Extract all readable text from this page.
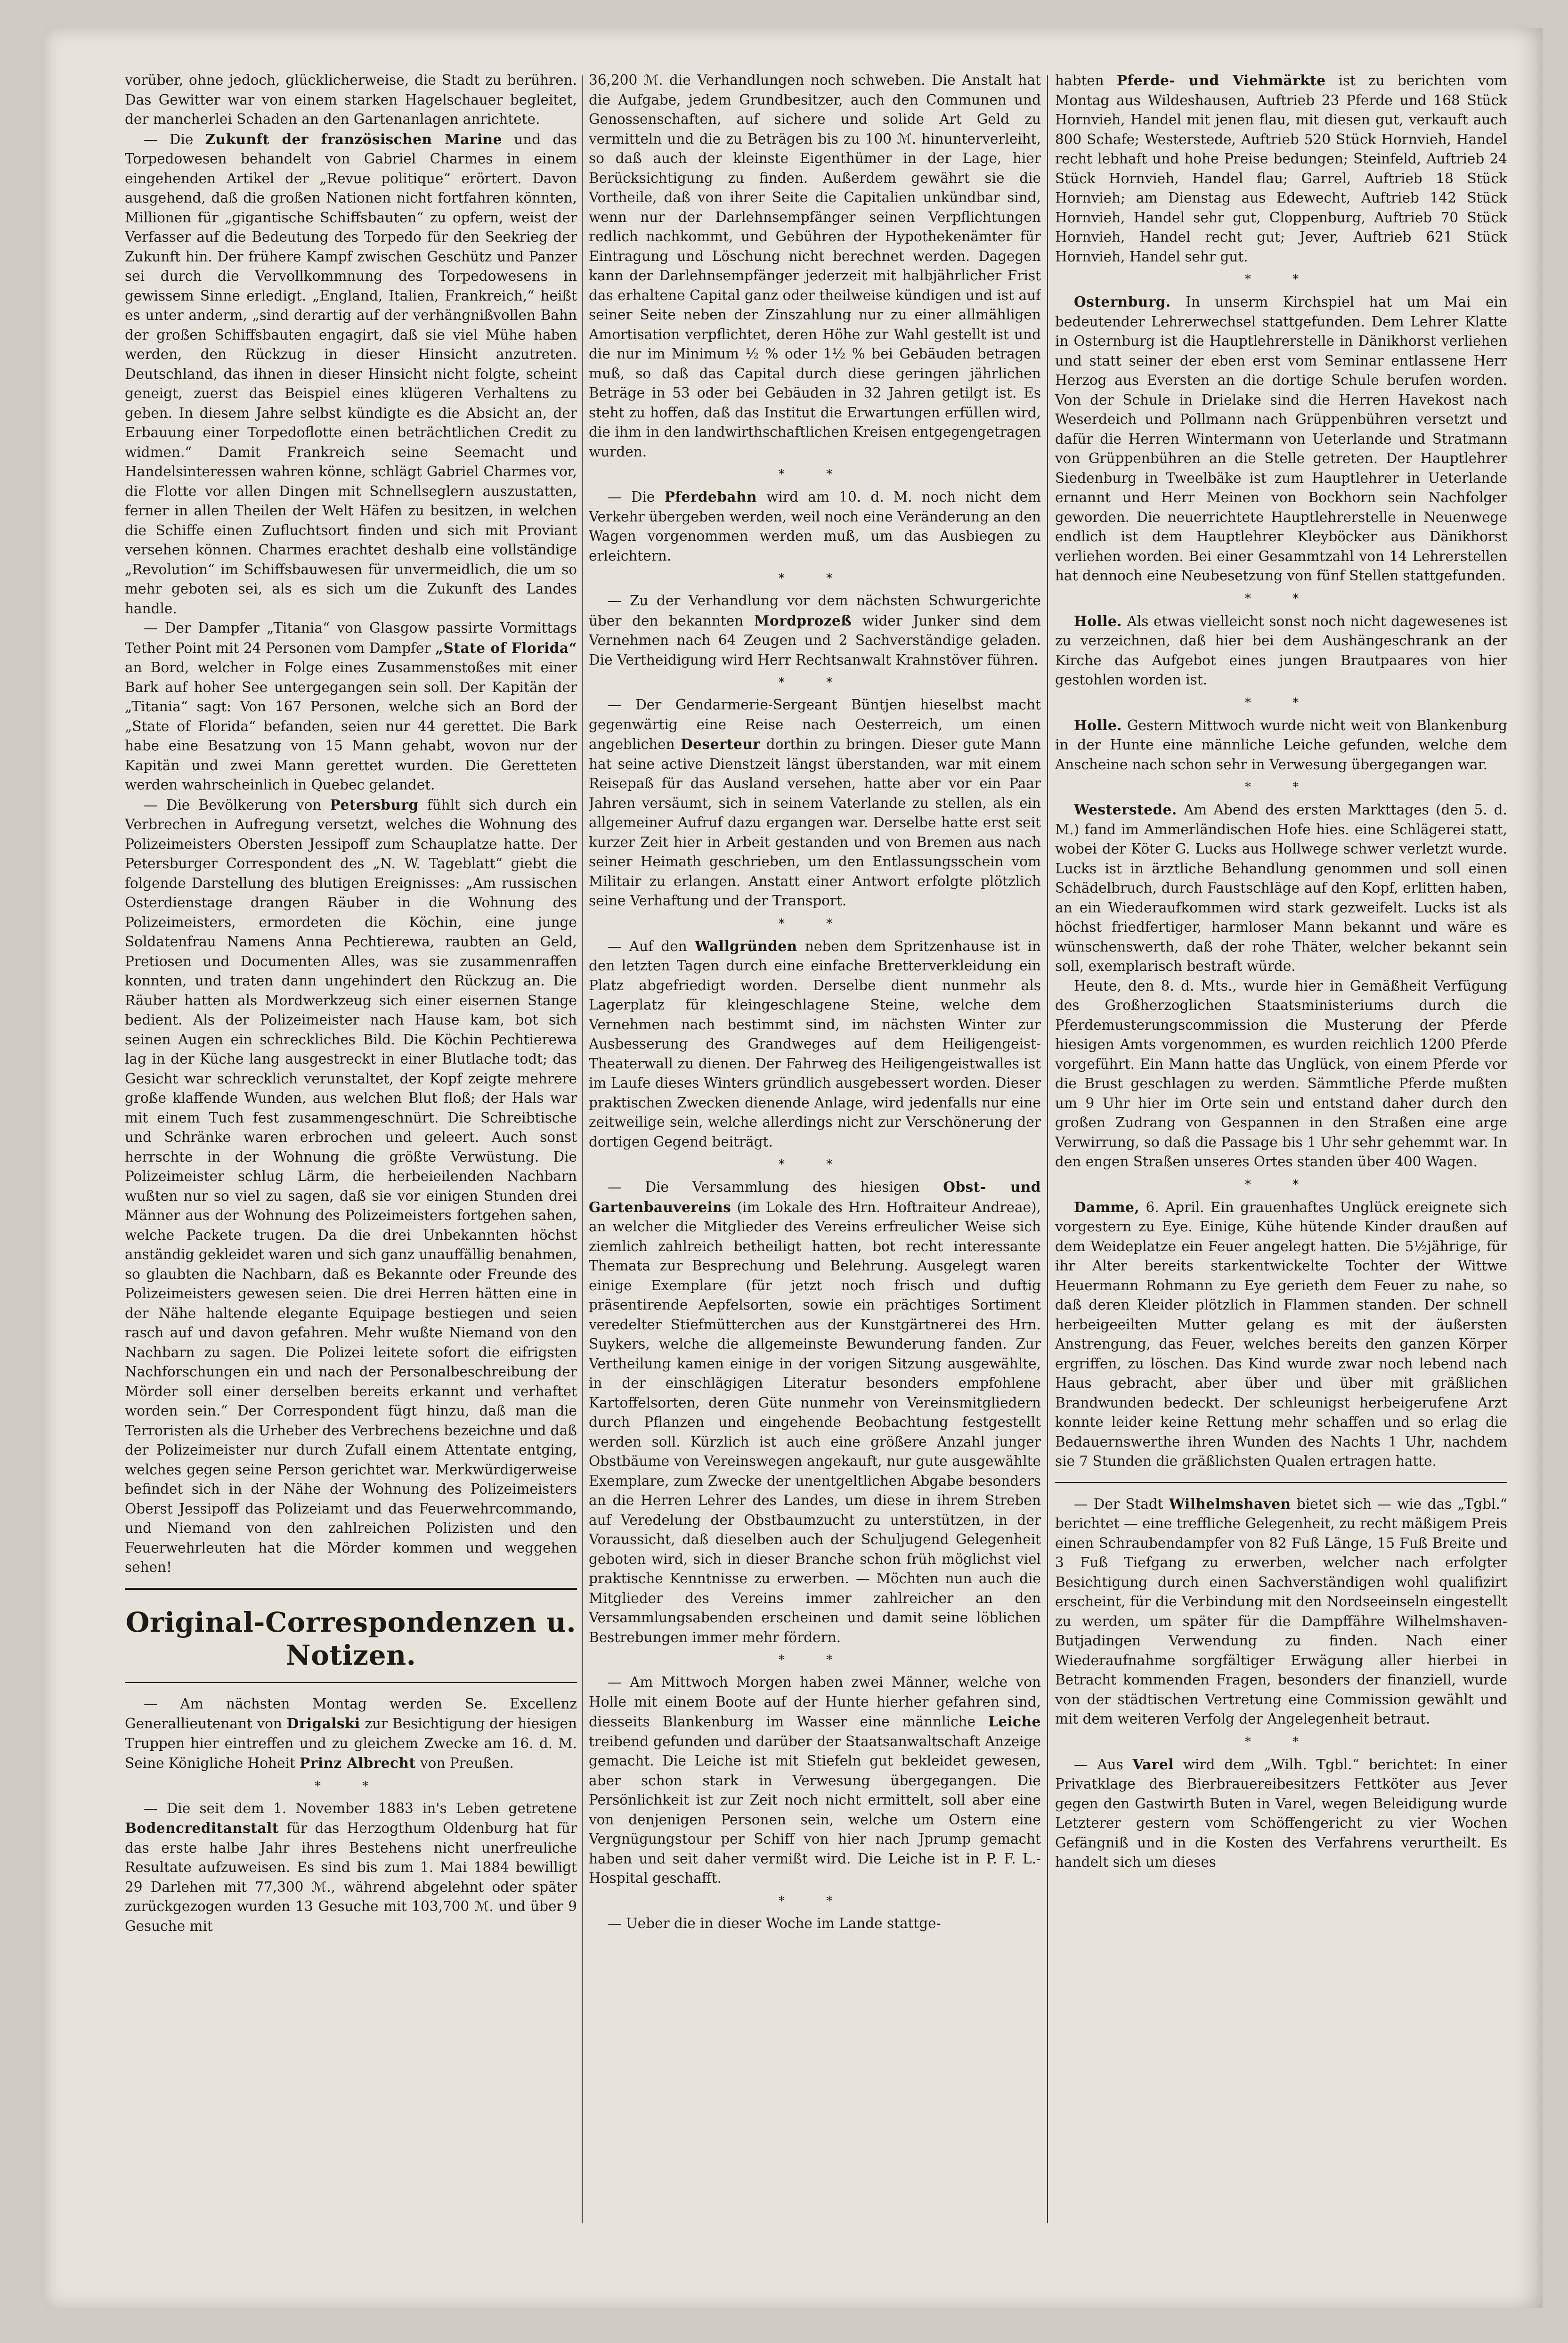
vorüber, ohne jedoch, glücklicherweise, die Stadt zu berühren. Das Gewitter war von einem starken Hagelschauer begleitet, der mancherlei Schaden an den Gartenanlagen anrichtete.

— Die Zukunft der französischen Marine und das Torpedowesen behandelt von Gabriel Charmes in einem eingehenden Artikel der „Revue politique“ erörtert. Davon ausgehend, daß die großen Nationen nicht fortfahren könnten, Millionen für „gigantische Schiffsbauten“ zu opfern, weist der Verfasser auf die Bedeutung des Torpedo für den Seekrieg der Zukunft hin. Der frühere Kampf zwischen Geschütz und Panzer sei durch die Vervollkommnung des Torpedowesens in gewissem Sinne erledigt. „England, Italien, Frankreich,“ heißt es unter anderm, „sind derartig auf der verhängnißvollen Bahn der großen Schiffsbauten engagirt, daß sie viel Mühe haben werden, den Rückzug in dieser Hinsicht anzutreten. Deutschland, das ihnen in dieser Hinsicht nicht folgte, scheint geneigt, zuerst das Beispiel eines klügeren Verhaltens zu geben. In diesem Jahre selbst kündigte es die Absicht an, der Erbauung einer Torpedoflotte einen beträchtlichen Credit zu widmen.“ Damit Frankreich seine Seemacht und Handelsinteressen wahren könne, schlägt Gabriel Charmes vor, die Flotte vor allen Dingen mit Schnellseglern auszustatten, ferner in allen Theilen der Welt Häfen zu besitzen, in welchen die Schiffe einen Zufluchtsort finden und sich mit Proviant versehen können. Charmes erachtet deshalb eine vollständige „Revolution“ im Schiffsbauwesen für unvermeidlich, die um so mehr geboten sei, als es sich um die Zukunft des Landes handle.

— Der Dampfer „Titania“ von Glasgow passirte Vormittags Tether Point mit 24 Personen vom Dampfer „State of Florida“ an Bord, welcher in Folge eines Zusammenstoßes mit einer Bark auf hoher See untergegangen sein soll. Der Kapitän der „Titania“ sagt: Von 167 Personen, welche sich an Bord der „State of Florida“ befanden, seien nur 44 gerettet. Die Bark habe eine Besatzung von 15 Mann gehabt, wovon nur der Kapitän und zwei Mann gerettet wurden. Die Geretteten werden wahrscheinlich in Quebec gelandet.

— Die Bevölkerung von Petersburg fühlt sich durch ein Verbrechen in Aufregung versetzt, welches die Wohnung des Polizeimeisters Obersten Jessipoff zum Schauplatze hatte. Der Petersburger Correspondent des „N. W. Tageblatt“ giebt die folgende Darstellung des blutigen Ereignisses: „Am russischen Osterdienstage drangen Räuber in die Wohnung des Polizeimeisters, ermordeten die Köchin, eine junge Soldatenfrau Namens Anna Pechtierewa, raubten an Geld, Pretiosen und Documenten Alles, was sie zusammenraffen konnten, und traten dann ungehindert den Rückzug an. Die Räuber hatten als Mordwerkzeug sich einer eisernen Stange bedient. Als der Polizeimeister nach Hause kam, bot sich seinen Augen ein schreckliches Bild. Die Köchin Pechtierewa lag in der Küche lang ausgestreckt in einer Blutlache todt; das Gesicht war schrecklich verunstaltet, der Kopf zeigte mehrere große klaffende Wunden, aus welchen Blut floß; der Hals war mit einem Tuch fest zusammengeschnürt. Die Schreibtische und Schränke waren erbrochen und geleert. Auch sonst herrschte in der Wohnung die größte Verwüstung. Die Polizeimeister schlug Lärm, die herbeieilenden Nachbarn wußten nur so viel zu sagen, daß sie vor einigen Stunden drei Männer aus der Wohnung des Polizeimeisters fortgehen sahen, welche Packete trugen. Da die drei Unbekannten höchst anständig gekleidet waren und sich ganz unauffällig benahmen, so glaubten die Nachbarn, daß es Bekannte oder Freunde des Polizeimeisters gewesen seien. Die drei Herren hätten eine in der Nähe haltende elegante Equipage bestiegen und seien rasch auf und davon gefahren. Mehr wußte Niemand von den Nachbarn zu sagen. Die Polizei leitete sofort die eifrigsten Nachforschungen ein und nach der Personalbeschreibung der Mörder soll einer derselben bereits erkannt und verhaftet worden sein.“ Der Correspondent fügt hinzu, daß man die Terroristen als die Urheber des Verbrechens bezeichne und daß der Polizeimeister nur durch Zufall einem Attentate entging, welches gegen seine Person gerichtet war. Merkwürdigerweise befindet sich in der Nähe der Wohnung des Polizeimeisters Oberst Jessipoff das Polizeiamt und das Feuerwehrcommando, und Niemand von den zahlreichen Polizisten und den Feuerwehrleuten hat die Mörder kommen und weggehen sehen!

Original-Correspondenzen u. Notizen.

— Am nächsten Montag werden Se. Excellenz Generallieutenant von Drigalski zur Besichtigung der hiesigen Truppen hier eintreffen und zu gleichem Zwecke am 16. d. M. Seine Königliche Hoheit Prinz Albrecht von Preußen.

* *

— Die seit dem 1. November 1883 in's Leben getretene Bodencreditanstalt für das Herzogthum Oldenburg hat für das erste halbe Jahr ihres Bestehens nicht unerfreuliche Resultate aufzuweisen. Es sind bis zum 1. Mai 1884 bewilligt 29 Darlehen mit 77,300 ℳ., während abgelehnt oder später zurückgezogen wurden 13 Gesuche mit 103,700 ℳ. und über 9 Gesuche mit

36,200 ℳ. die Verhandlungen noch schweben. Die Anstalt hat die Aufgabe, jedem Grundbesitzer, auch den Communen und Genossenschaften, auf sichere und solide Art Geld zu vermitteln und die zu Beträgen bis zu 100 ℳ. hinunterverleiht, so daß auch der kleinste Eigenthümer in der Lage, hier Berücksichtigung zu finden. Außerdem gewährt sie die Vortheile, daß von ihrer Seite die Capitalien unkündbar sind, wenn nur der Darlehnsempfänger seinen Verpflichtungen redlich nachkommt, und Gebühren der Hypothekenämter für Eintragung und Löschung nicht berechnet werden. Dagegen kann der Darlehnsempfänger jederzeit mit halbjährlicher Frist das erhaltene Capital ganz oder theilweise kündigen und ist auf seiner Seite neben der Zinszahlung nur zu einer allmähligen Amortisation verpflichtet, deren Höhe zur Wahl gestellt ist und die nur im Minimum ½ % oder 1½ % bei Gebäuden betragen muß, so daß das Capital durch diese geringen jährlichen Beträge in 53 oder bei Gebäuden in 32 Jahren getilgt ist. Es steht zu hoffen, daß das Institut die Erwartungen erfüllen wird, die ihm in den landwirthschaftlichen Kreisen entgegengetragen wurden.

* *

— Die Pferdebahn wird am 10. d. M. noch nicht dem Verkehr übergeben werden, weil noch eine Veränderung an den Wagen vorgenommen werden muß, um das Ausbiegen zu erleichtern.

* *

— Zu der Verhandlung vor dem nächsten Schwurgerichte über den bekannten Mordprozeß wider Junker sind dem Vernehmen nach 64 Zeugen und 2 Sachverständige geladen. Die Vertheidigung wird Herr Rechtsanwalt Krahnstöver führen.

* *

— Der Gendarmerie-Sergeant Büntjen hieselbst macht gegenwärtig eine Reise nach Oesterreich, um einen angeblichen Deserteur dorthin zu bringen. Dieser gute Mann hat seine active Dienstzeit längst überstanden, war mit einem Reisepaß für das Ausland versehen, hatte aber vor ein Paar Jahren versäumt, sich in seinem Vaterlande zu stellen, als ein allgemeiner Aufruf dazu ergangen war. Derselbe hatte erst seit kurzer Zeit hier in Arbeit gestanden und von Bremen aus nach seiner Heimath geschrieben, um den Entlassungsschein vom Militair zu erlangen. Anstatt einer Antwort erfolgte plötzlich seine Verhaftung und der Transport.

* *

— Auf den Wallgründen neben dem Spritzenhause ist in den letzten Tagen durch eine einfache Bretterverkleidung ein Platz abgefriedigt worden. Derselbe dient nunmehr als Lagerplatz für kleingeschlagene Steine, welche dem Vernehmen nach bestimmt sind, im nächsten Winter zur Ausbesserung des Grandweges auf dem Heiligengeist-Theaterwall zu dienen. Der Fahrweg des Heiligengeistwalles ist im Laufe dieses Winters gründlich ausgebessert worden. Dieser praktischen Zwecken dienende Anlage, wird jedenfalls nur eine zeitweilige sein, welche allerdings nicht zur Verschönerung der dortigen Gegend beiträgt.

* *

— Die Versammlung des hiesigen Obst- und Gartenbauvereins (im Lokale des Hrn. Hoftraiteur Andreae), an welcher die Mitglieder des Vereins erfreulicher Weise sich ziemlich zahlreich betheiligt hatten, bot recht interessante Themata zur Besprechung und Belehrung. Ausgelegt waren einige Exemplare (für jetzt noch frisch und duftig präsentirende Aepfelsorten, sowie ein prächtiges Sortiment veredelter Stiefmütterchen aus der Kunstgärtnerei des Hrn. Suykers, welche die allgemeinste Bewunderung fanden. Zur Vertheilung kamen einige in der vorigen Sitzung ausgewählte, in der einschlägigen Literatur besonders empfohlene Kartoffelsorten, deren Güte nunmehr von Vereinsmitgliedern durch Pflanzen und eingehende Beobachtung festgestellt werden soll. Kürzlich ist auch eine größere Anzahl junger Obstbäume von Vereinswegen angekauft, nur gute ausgewählte Exemplare, zum Zwecke der unentgeltlichen Abgabe besonders an die Herren Lehrer des Landes, um diese in ihrem Streben auf Veredelung der Obstbaumzucht zu unterstützen, in der Voraussicht, daß dieselben auch der Schuljugend Gelegenheit geboten wird, sich in dieser Branche schon früh möglichst viel praktische Kenntnisse zu erwerben. — Möchten nun auch die Mitglieder des Vereins immer zahlreicher an den Versammlungsabenden erscheinen und damit seine löblichen Bestrebungen immer mehr fördern.

* *

— Am Mittwoch Morgen haben zwei Männer, welche von Holle mit einem Boote auf der Hunte hierher gefahren sind, diesseits Blankenburg im Wasser eine männliche Leiche treibend gefunden und darüber der Staatsanwaltschaft Anzeige gemacht. Die Leiche ist mit Stiefeln gut bekleidet gewesen, aber schon stark in Verwesung übergegangen. Die Persönlichkeit ist zur Zeit noch nicht ermittelt, soll aber eine von denjenigen Personen sein, welche um Ostern eine Vergnügungstour per Schiff von hier nach Jprump gemacht haben und seit daher vermißt wird. Die Leiche ist in P. F. L.-Hospital geschafft.

* *

— Ueber die in dieser Woche im Lande stattge-

habten Pferde- und Viehmärkte ist zu berichten vom Montag aus Wildeshausen, Auftrieb 23 Pferde und 168 Stück Hornvieh, Handel mit jenen flau, mit diesen gut, verkauft auch 800 Schafe; Westerstede, Auftrieb 520 Stück Hornvieh, Handel recht lebhaft und hohe Preise bedungen; Steinfeld, Auftrieb 24 Stück Hornvieh, Handel flau; Garrel, Auftrieb 18 Stück Hornvieh; am Dienstag aus Edewecht, Auftrieb 142 Stück Hornvieh, Handel sehr gut, Cloppenburg, Auftrieb 70 Stück Hornvieh, Handel recht gut; Jever, Auftrieb 621 Stück Hornvieh, Handel sehr gut.

* *

Osternburg. In unserm Kirchspiel hat um Mai ein bedeutender Lehrerwechsel stattgefunden. Dem Lehrer Klatte in Osternburg ist die Hauptlehrerstelle in Dänikhorst verliehen und statt seiner der eben erst vom Seminar entlassene Herr Herzog aus Eversten an die dortige Schule berufen worden. Von der Schule in Drielake sind die Herren Havekost nach Weserdeich und Pollmann nach Grüppenbühren versetzt und dafür die Herren Wintermann von Ueterlande und Stratmann von Grüppenbühren an die Stelle getreten. Der Hauptlehrer Siedenburg in Tweelbäke ist zum Hauptlehrer in Ueterlande ernannt und Herr Meinen von Bockhorn sein Nachfolger geworden. Die neuerrichtete Hauptlehrerstelle in Neuenwege endlich ist dem Hauptlehrer Kleyböcker aus Dänikhorst verliehen worden. Bei einer Gesammtzahl von 14 Lehrerstellen hat dennoch eine Neubesetzung von fünf Stellen stattgefunden.

* *

Holle. Als etwas vielleicht sonst noch nicht dagewesenes ist zu verzeichnen, daß hier bei dem Aushängeschrank an der Kirche das Aufgebot eines jungen Brautpaares von hier gestohlen worden ist.

* *

Holle. Gestern Mittwoch wurde nicht weit von Blankenburg in der Hunte eine männliche Leiche gefunden, welche dem Anscheine nach schon sehr in Verwesung übergegangen war.

* *

Westerstede. Am Abend des ersten Markttages (den 5. d. M.) fand im Ammerländischen Hofe hies. eine Schlägerei statt, wobei der Köter G. Lucks aus Hollwege schwer verletzt wurde. Lucks ist in ärztliche Behandlung genommen und soll einen Schädelbruch, durch Faustschläge auf den Kopf, erlitten haben, an ein Wiederaufkommen wird stark gezweifelt. Lucks ist als höchst friedfertiger, harmloser Mann bekannt und wäre es wünschenswerth, daß der rohe Thäter, welcher bekannt sein soll, exemplarisch bestraft würde.

Heute, den 8. d. Mts., wurde hier in Gemäßheit Verfügung des Großherzoglichen Staatsministeriums durch die Pferdemusterungscommission die Musterung der Pferde hiesigen Amts vorgenommen, es wurden reichlich 1200 Pferde vorgeführt. Ein Mann hatte das Unglück, von einem Pferde vor die Brust geschlagen zu werden. Sämmtliche Pferde mußten um 9 Uhr hier im Orte sein und entstand daher durch den großen Zudrang von Gespannen in den Straßen eine arge Verwirrung, so daß die Passage bis 1 Uhr sehr gehemmt war. In den engen Straßen unseres Ortes standen über 400 Wagen.

* *

Damme, 6. April. Ein grauenhaftes Unglück ereignete sich vorgestern zu Eye. Einige, Kühe hütende Kinder draußen auf dem Weideplatze ein Feuer angelegt hatten. Die 5½jährige, für ihr Alter bereits starkentwickelte Tochter der Wittwe Heuermann Rohmann zu Eye gerieth dem Feuer zu nahe, so daß deren Kleider plötzlich in Flammen standen. Der schnell herbeigeeilten Mutter gelang es mit der äußersten Anstrengung, das Feuer, welches bereits den ganzen Körper ergriffen, zu löschen. Das Kind wurde zwar noch lebend nach Haus gebracht, aber über und über mit gräßlichen Brandwunden bedeckt. Der schleunigst herbeigerufene Arzt konnte leider keine Rettung mehr schaffen und so erlag die Bedauernswerthe ihren Wunden des Nachts 1 Uhr, nachdem sie 7 Stunden die gräßlichsten Qualen ertragen hatte.

— Der Stadt Wilhelmshaven bietet sich — wie das „Tgbl.“ berichtet — eine treffliche Gelegenheit, zu recht mäßigem Preis einen Schraubendampfer von 82 Fuß Länge, 15 Fuß Breite und 3 Fuß Tiefgang zu erwerben, welcher nach erfolgter Besichtigung durch einen Sachverständigen wohl qualifizirt erscheint, für die Verbindung mit den Nordseeinseln eingestellt zu werden, um später für die Dampffähre Wilhelmshaven-Butjadingen Verwendung zu finden. Nach einer Wiederaufnahme sorgfältiger Erwägung aller hierbei in Betracht kommenden Fragen, besonders der finanziell, wurde von der städtischen Vertretung eine Commission gewählt und mit dem weiteren Verfolg der Angelegenheit betraut.

* *

— Aus Varel wird dem „Wilh. Tgbl.“ berichtet: In einer Privatklage des Bierbrauereibesitzers Fettköter aus Jever gegen den Gastwirth Buten in Varel, wegen Beleidigung wurde Letzterer gestern vom Schöffengericht zu vier Wochen Gefängniß und in die Kosten des Verfahrens verurtheilt. Es handelt sich um dieses
